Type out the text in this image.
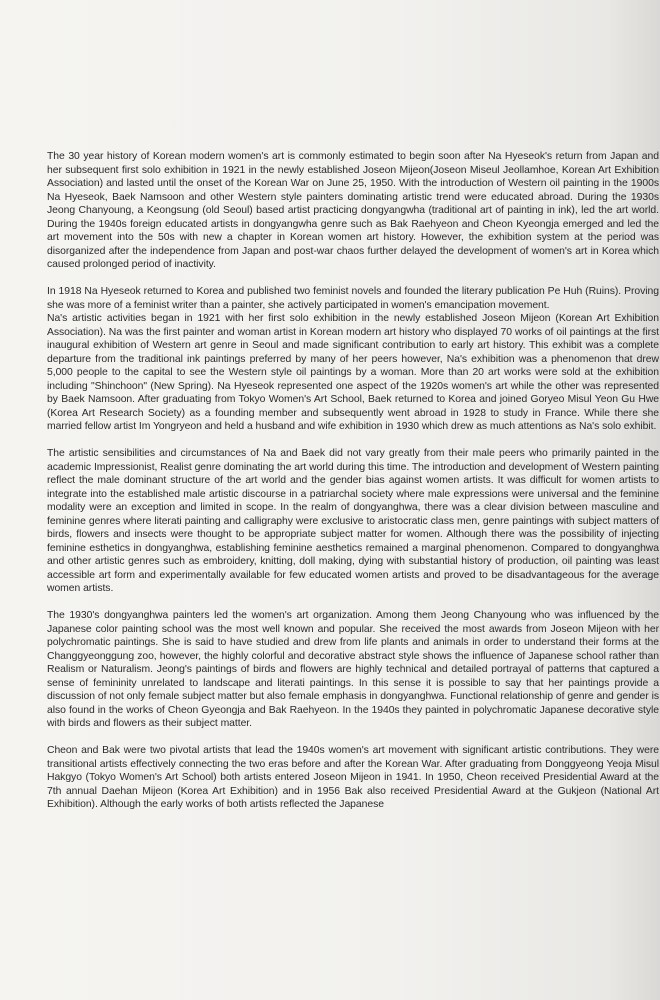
The 30 year history of Korean modern women's art is commonly estimated to begin soon after Na Hyeseok's return from Japan and her subsequent first solo exhibition in 1921 in the newly established Joseon Mijeon(Joseon Miseul Jeollamhoe, Korean Art Exhibition Association) and lasted until the onset of the Korean War on June 25, 1950. With the introduction of Western oil painting in the 1900s Na Hyeseok, Baek Namsoon and other Western style painters dominating artistic trend were educated abroad. During the 1930s Jeong Chanyoung, a Keongsung (old Seoul) based artist practicing dongyangwha (traditional art of painting in ink), led the art world. During the 1940s foreign educated artists in dongyangwha genre such as Bak Raehyeon and Cheon Kyeongja emerged and led the art movement into the 50s with new a chapter in Korean women art history. However, the exhibition system at the period was disorganized after the independence from Japan and post-war chaos further delayed the development of women's art in Korea which caused prolonged period of inactivity.

In 1918 Na Hyeseok returned to Korea and published two feminist novels and founded the literary publication Pe Huh (Ruins). Proving she was more of a feminist writer than a painter, she actively participated in women's emancipation movement.

Na's artistic activities began in 1921 with her first solo exhibition in the newly established Joseon Mijeon (Korean Art Exhibition Association). Na was the first painter and woman artist in Korean modern art history who displayed 70 works of oil paintings at the first inaugural exhibition of Western art genre in Seoul and made significant contribution to early art history. This exhibit was a complete departure from the traditional ink paintings preferred by many of her peers however, Na's exhibition was a phenomenon that drew 5,000 people to the capital to see the Western style oil paintings by a woman. More than 20 art works were sold at the exhibition including "Shinchoon" (New Spring). Na Hyeseok represented one aspect of the 1920s women's art while the other was represented by Baek Namsoon. After graduating from Tokyo Women's Art School, Baek returned to Korea and joined Goryeo Misul Yeon Gu Hwe (Korea Art Research Society) as a founding member and subsequently went abroad in 1928 to study in France. While there she married fellow artist Im Yongryeon and held a husband and wife exhibition in 1930 which drew as much attentions as Na's solo exhibit.

The artistic sensibilities and circumstances of Na and Baek did not vary greatly from their male peers who primarily painted in the academic Impressionist, Realist genre dominating the art world during this time. The introduction and development of Western painting reflect the male dominant structure of the art world and the gender bias against women artists. It was difficult for women artists to integrate into the established male artistic discourse in a patriarchal society where male expressions were universal and the feminine modality were an exception and limited in scope. In the realm of dongyanghwa, there was a clear division between masculine and feminine genres where literati painting and calligraphy were exclusive to aristocratic class men, genre paintings with subject matters of birds, flowers and insects were thought to be appropriate subject matter for women. Although there was the possibility of injecting feminine esthetics in dongyanghwa, establishing feminine aesthetics remained a marginal phenomenon. Compared to dongyanghwa and other artistic genres such as embroidery, knitting, doll making, dying with substantial history of production, oil painting was least accessible art form and experimentally available for few educated women artists and proved to be disadvantageous for the average women artists.

The 1930's dongyanghwa painters led the women's art organization. Among them Jeong Chanyoung who was influenced by the Japanese color painting school was the most well known and popular. She received the most awards from Joseon Mijeon with her polychromatic paintings. She is said to have studied and drew from life plants and animals in order to understand their forms at the Changgyeonggung zoo, however, the highly colorful and decorative abstract style shows the influence of Japanese school rather than Realism or Naturalism. Jeong's paintings of birds and flowers are highly technical and detailed portrayal of patterns that captured a sense of femininity unrelated to landscape and literati paintings. In this sense it is possible to say that her paintings provide a discussion of not only female subject matter but also female emphasis in dongyanghwa. Functional relationship of genre and gender is also found in the works of Cheon Gyeongja and Bak Raehyeon. In the 1940s they painted in polychromatic Japanese decorative style with birds and flowers as their subject matter.

Cheon and Bak were two pivotal artists that lead the 1940s women's art movement with significant artistic contributions. They were transitional artists effectively connecting the two eras before and after the Korean War. After graduating from Donggyeong Yeoja Misul Hakgyo (Tokyo Women's Art School) both artists entered Joseon Mijeon in 1941. In 1950, Cheon received Presidential Award at the 7th annual Daehan Mijeon (Korea Art Exhibition) and in 1956 Bak also received Presidential Award at the Gukjeon (National Art Exhibition). Although the early works of both artists reflected the Japanese
